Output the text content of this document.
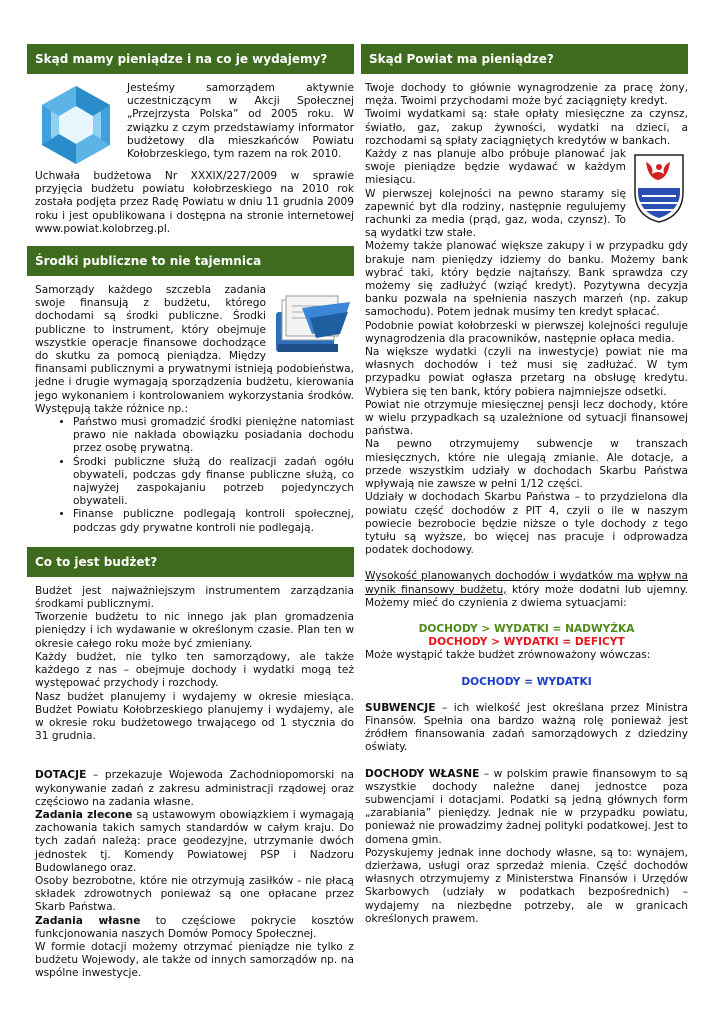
Skąd mamy pieniądze i na co je wydajemy?

Jesteśmy samorządem aktywnie uczestniczącym w Akcji Społecznej „Przejrzysta Polska” od 2005 roku. W związku z czym przedstawiamy informator budżetowy dla mieszkańców Powiatu Kołobrzeskiego, tym razem na rok 2010.

Uchwała budżetowa Nr XXXIX/227/2009 w sprawie przyjęcia budżetu powiatu kołobrzeskiego na 2010 rok została podjęta przez Radę Powiatu w dniu 11 grudnia 2009 roku i jest opublikowana i dostępna na stronie internetowej www.powiat.kolobrzeg.pl.

Środki publiczne to nie tajemnica

Samorządy każdego szczebla zadania swoje finansują z budżetu, którego dochodami są środki publiczne. Środki publiczne to instrument, który obejmuje wszystkie operacje finansowe dochodzące do skutku za pomocą pieniądza. Między finansami publicznymi a prywatnymi istnieją podobieństwa, jedne i drugie wymagają sporządzenia budżetu, kierowania jego wykonaniem i kontrolowaniem wykorzystania środków. Występują także różnice np.:

• Państwo musi gromadzić środki pieniężne natomiast prawo nie nakłada obowiązku posiadania dochodu przez osobę prywatną.
• Środki publiczne służą do realizacji zadań ogółu obywateli, podczas gdy finanse publiczne służą, co najwyżej zaspokajaniu potrzeb pojedynczych obywateli.
• Finanse publiczne podlegają kontroli społecznej, podczas gdy prywatne kontroli nie podlegają.
Co to jest budżet?

Budżet jest najważniejszym instrumentem zarządzania środkami publicznymi.

Tworzenie budżetu to nic innego jak plan gromadzenia pieniędzy i ich wydawanie w określonym czasie. Plan ten w okresie całego roku może być zmieniany.

Każdy budżet, nie tylko ten samorządowy, ale także każdego z nas – obejmuje dochody i wydatki mogą też występować przychody i rozchody.

Nasz budżet planujemy i wydajemy w okresie miesiąca. Budżet Powiatu Kołobrzeskiego planujemy i wydajemy, ale w okresie roku budżetowego trwającego od 1 stycznia do 31 grudnia.

DOTACJE – przekazuje Wojewoda Zachodniopomorski na wykonywanie zadań z zakresu administracji rządowej oraz częściowo na zadania własne.

Zadania zlecone są ustawowym obowiązkiem i wymagają zachowania takich samych standardów w całym kraju. Do tych zadań należą: prace geodezyjne, utrzymanie dwóch jednostek tj. Komendy Powiatowej PSP i Nadzoru Budowlanego oraz.

Osoby bezrobotne, które nie otrzymują zasiłków - nie płacą składek zdrowotnych ponieważ są one opłacane przez Skarb Państwa.

Zadania własne to częściowe pokrycie kosztów funkcjonowania naszych Domów Pomocy Społecznej.

W formie dotacji możemy otrzymać pieniądze nie tylko z budżetu Wojewody, ale także od innych samorządów np. na wspólne inwestycje.

Skąd Powiat ma pieniądze?

Twoje dochody to głównie wynagrodzenie za pracę żony, męża. Twoimi przychodami może być zaciągnięty kredyt.

Twoimi wydatkami są: stałe opłaty miesięczne za czynsz, światło, gaz, zakup żywności, wydatki na dzieci, a rozchodami są spłaty zaciągniętych kredytów w bankach.

Każdy z nas planuje albo próbuje planować jak swoje pieniądze będzie wydawać w każdym miesiącu.

W pierwszej kolejności na pewno staramy się zapewnić byt dla rodziny, następnie regulujemy rachunki za media (prąd, gaz, woda, czynsz). To są wydatki tzw stałe.

Możemy także planować większe zakupy i w przypadku gdy brakuje nam pieniędzy idziemy do banku. Możemy bank wybrać taki, który będzie najtańszy. Bank sprawdza czy możemy się zadłużyć (wziąć kredyt). Pozytywna decyzja banku pozwala na spełnienia naszych marzeń (np. zakup samochodu). Potem jednak musimy ten kredyt spłacać.

Podobnie powiat kołobrzeski w pierwszej kolejności reguluje wynagrodzenia dla pracowników, następnie opłaca media.

Na większe wydatki (czyli na inwestycje) powiat nie ma własnych dochodów i też musi się zadłużać. W tym przypadku powiat ogłasza przetarg na obsługę kredytu. Wybiera się ten bank, który pobiera najmniejsze odsetki.

Powiat nie otrzymuje miesięcznej pensji lecz dochody, które w wielu przypadkach są uzależnione od sytuacji finansowej państwa.

Na pewno otrzymujemy subwencje w transzach miesięcznych, które nie ulegają zmianie. Ale dotacje, a przede wszystkim udziały w dochodach Skarbu Państwa wpływają nie zawsze w pełni 1/12 części.

Udziały w dochodach Skarbu Państwa – to przydzielona dla powiatu część dochodów z PIT 4, czyli o ile w naszym powiecie bezrobocie będzie niższe o tyle dochody z tego tytułu są wyższe, bo więcej nas pracuje i odprowadza podatek dochodowy.

Wysokość planowanych dochodów i wydatków ma wpływ na wynik finansowy budżetu, który może dodatni lub ujemny. Możemy mieć do czynienia z dwiema sytuacjami:

DOCHODY > WYDATKI = NADWYŻKA
DOCHODY > WYDATKI = DEFICYT

Może wystąpić także budżet zrównoważony wówczas:

DOCHODY = WYDATKI

SUBWENCJE – ich wielkość jest określana przez Ministra Finansów. Spełnia ona bardzo ważną rolę ponieważ jest źródłem finansowania zadań samorządowych z dziedziny oświaty.

DOCHODY WŁASNE – w polskim prawie finansowym to są wszystkie dochody należne danej jednostce poza subwencjami i dotacjami. Podatki są jedną głównych form „zarabiania” pieniędzy. Jednak nie w przypadku powiatu, ponieważ nie prowadzimy żadnej polityki podatkowej. Jest to domena gmin.

Pozyskujemy jednak inne dochody własne, są to: wynajem, dzierżawa, usługi oraz sprzedaż mienia. Część dochodów własnych otrzymujemy z Ministerstwa Finansów i Urzędów Skarbowych (udziały w podatkach bezpośrednich) – wydajemy na niezbędne potrzeby, ale w granicach określonych prawem.
